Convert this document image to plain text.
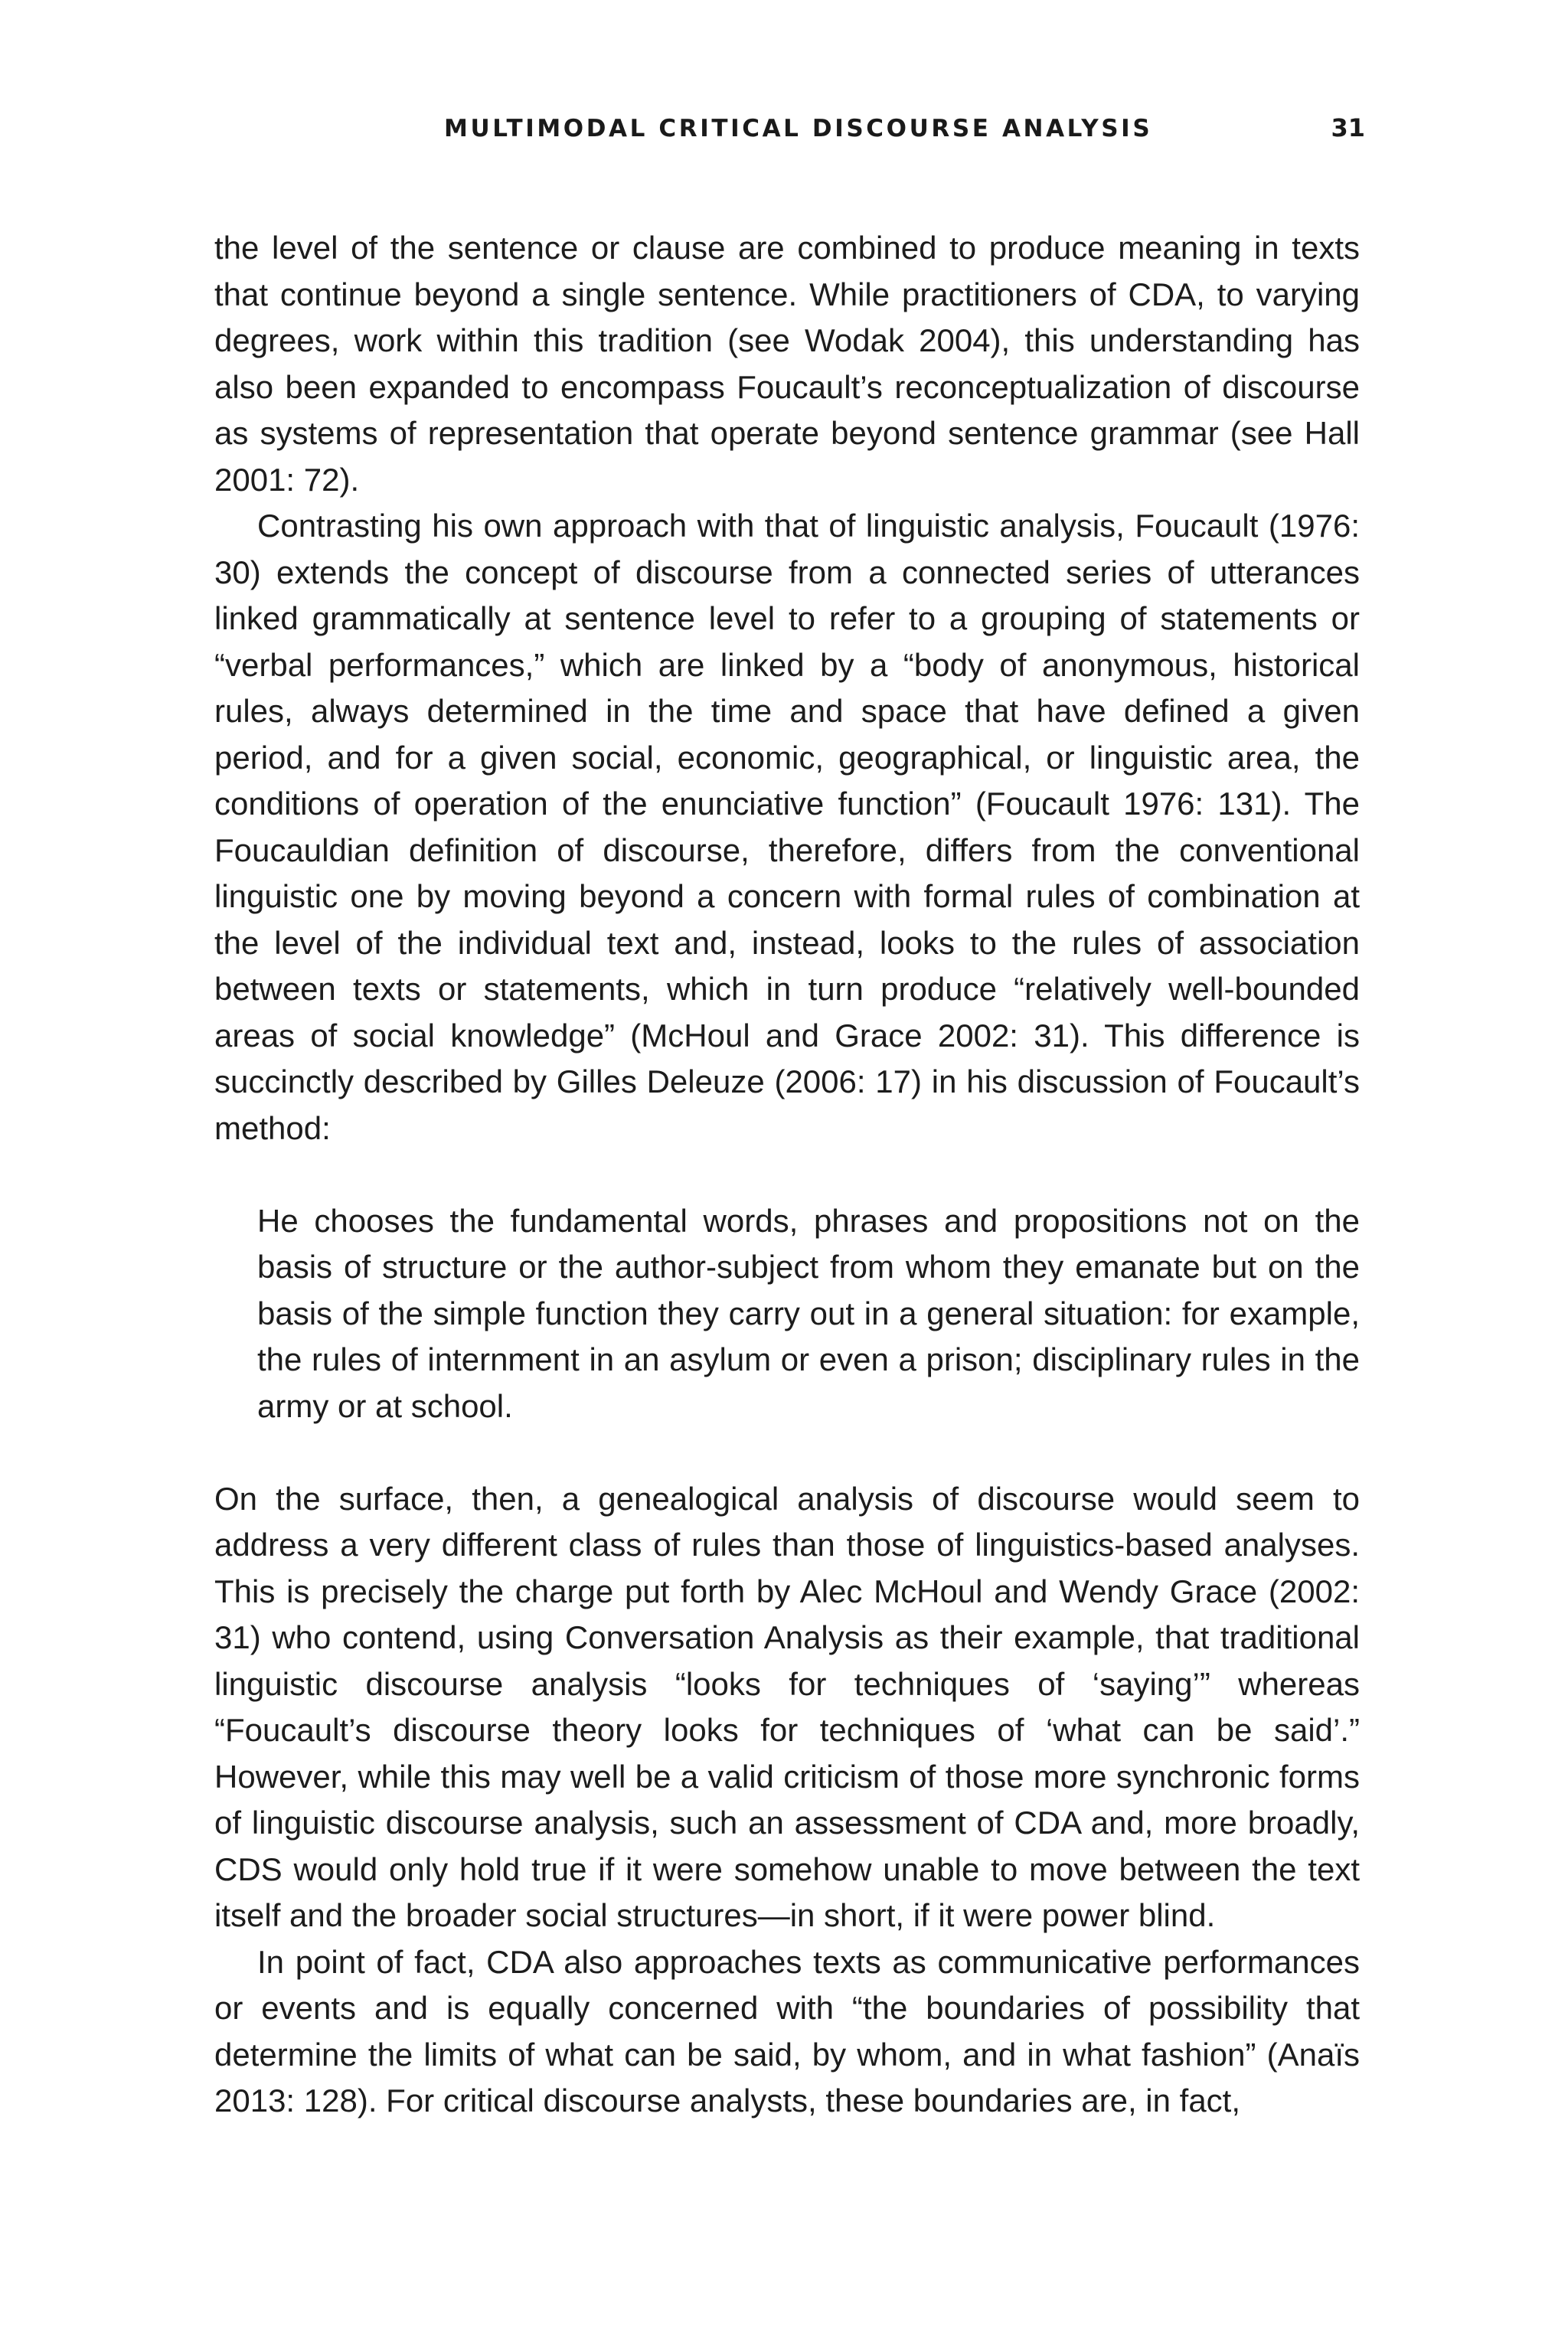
MULTIMODAL CRITICAL DISCOURSE ANALYSIS	31

the level of the sentence or clause are combined to produce meaning in texts that continue beyond a single sentence. While practitioners of CDA, to varying degrees, work within this tradition (see Wodak 2004), this understanding has also been expanded to encompass Foucault’s reconceptualization of discourse as systems of representation that operate beyond sentence grammar (see Hall 2001: 72).

Contrasting his own approach with that of linguistic analysis, Foucault (1976: 30) extends the concept of discourse from a connected series of utterances linked grammatically at sentence level to refer to a grouping of statements or “verbal performances,” which are linked by a “body of anonymous, historical rules, always determined in the time and space that have defined a given period, and for a given social, economic, geographical, or linguistic area, the conditions of operation of the enunciative function” (Foucault 1976: 131). The Foucauldian definition of discourse, therefore, differs from the conventional linguistic one by moving beyond a concern with formal rules of combination at the level of the individual text and, instead, looks to the rules of association between texts or statements, which in turn produce “relatively well-bounded areas of social knowledge” (McHoul and Grace 2002: 31). This difference is succinctly described by Gilles Deleuze (2006: 17) in his discussion of Foucault’s method:

He chooses the fundamental words, phrases and propositions not on the basis of structure or the author-subject from whom they emanate but on the basis of the simple function they carry out in a general situation: for example, the rules of internment in an asylum or even a prison; disciplinary rules in the army or at school.

On the surface, then, a genealogical analysis of discourse would seem to address a very different class of rules than those of linguistics-based analyses. This is precisely the charge put forth by Alec McHoul and Wendy Grace (2002: 31) who contend, using Conversation Analysis as their example, that traditional linguistic discourse analysis “looks for techniques of ‘saying’” whereas “Foucault’s discourse theory looks for techniques of ‘what can be said’.” However, while this may well be a valid criticism of those more synchronic forms of linguistic discourse analysis, such an assessment of CDA and, more broadly, CDS would only hold true if it were somehow unable to move between the text itself and the broader social structures—in short, if it were power blind.

In point of fact, CDA also approaches texts as communicative performances or events and is equally concerned with “the boundaries of possibility that determine the limits of what can be said, by whom, and in what fashion” (Anaïs 2013: 128). For critical discourse analysts, these boundaries are, in fact,
